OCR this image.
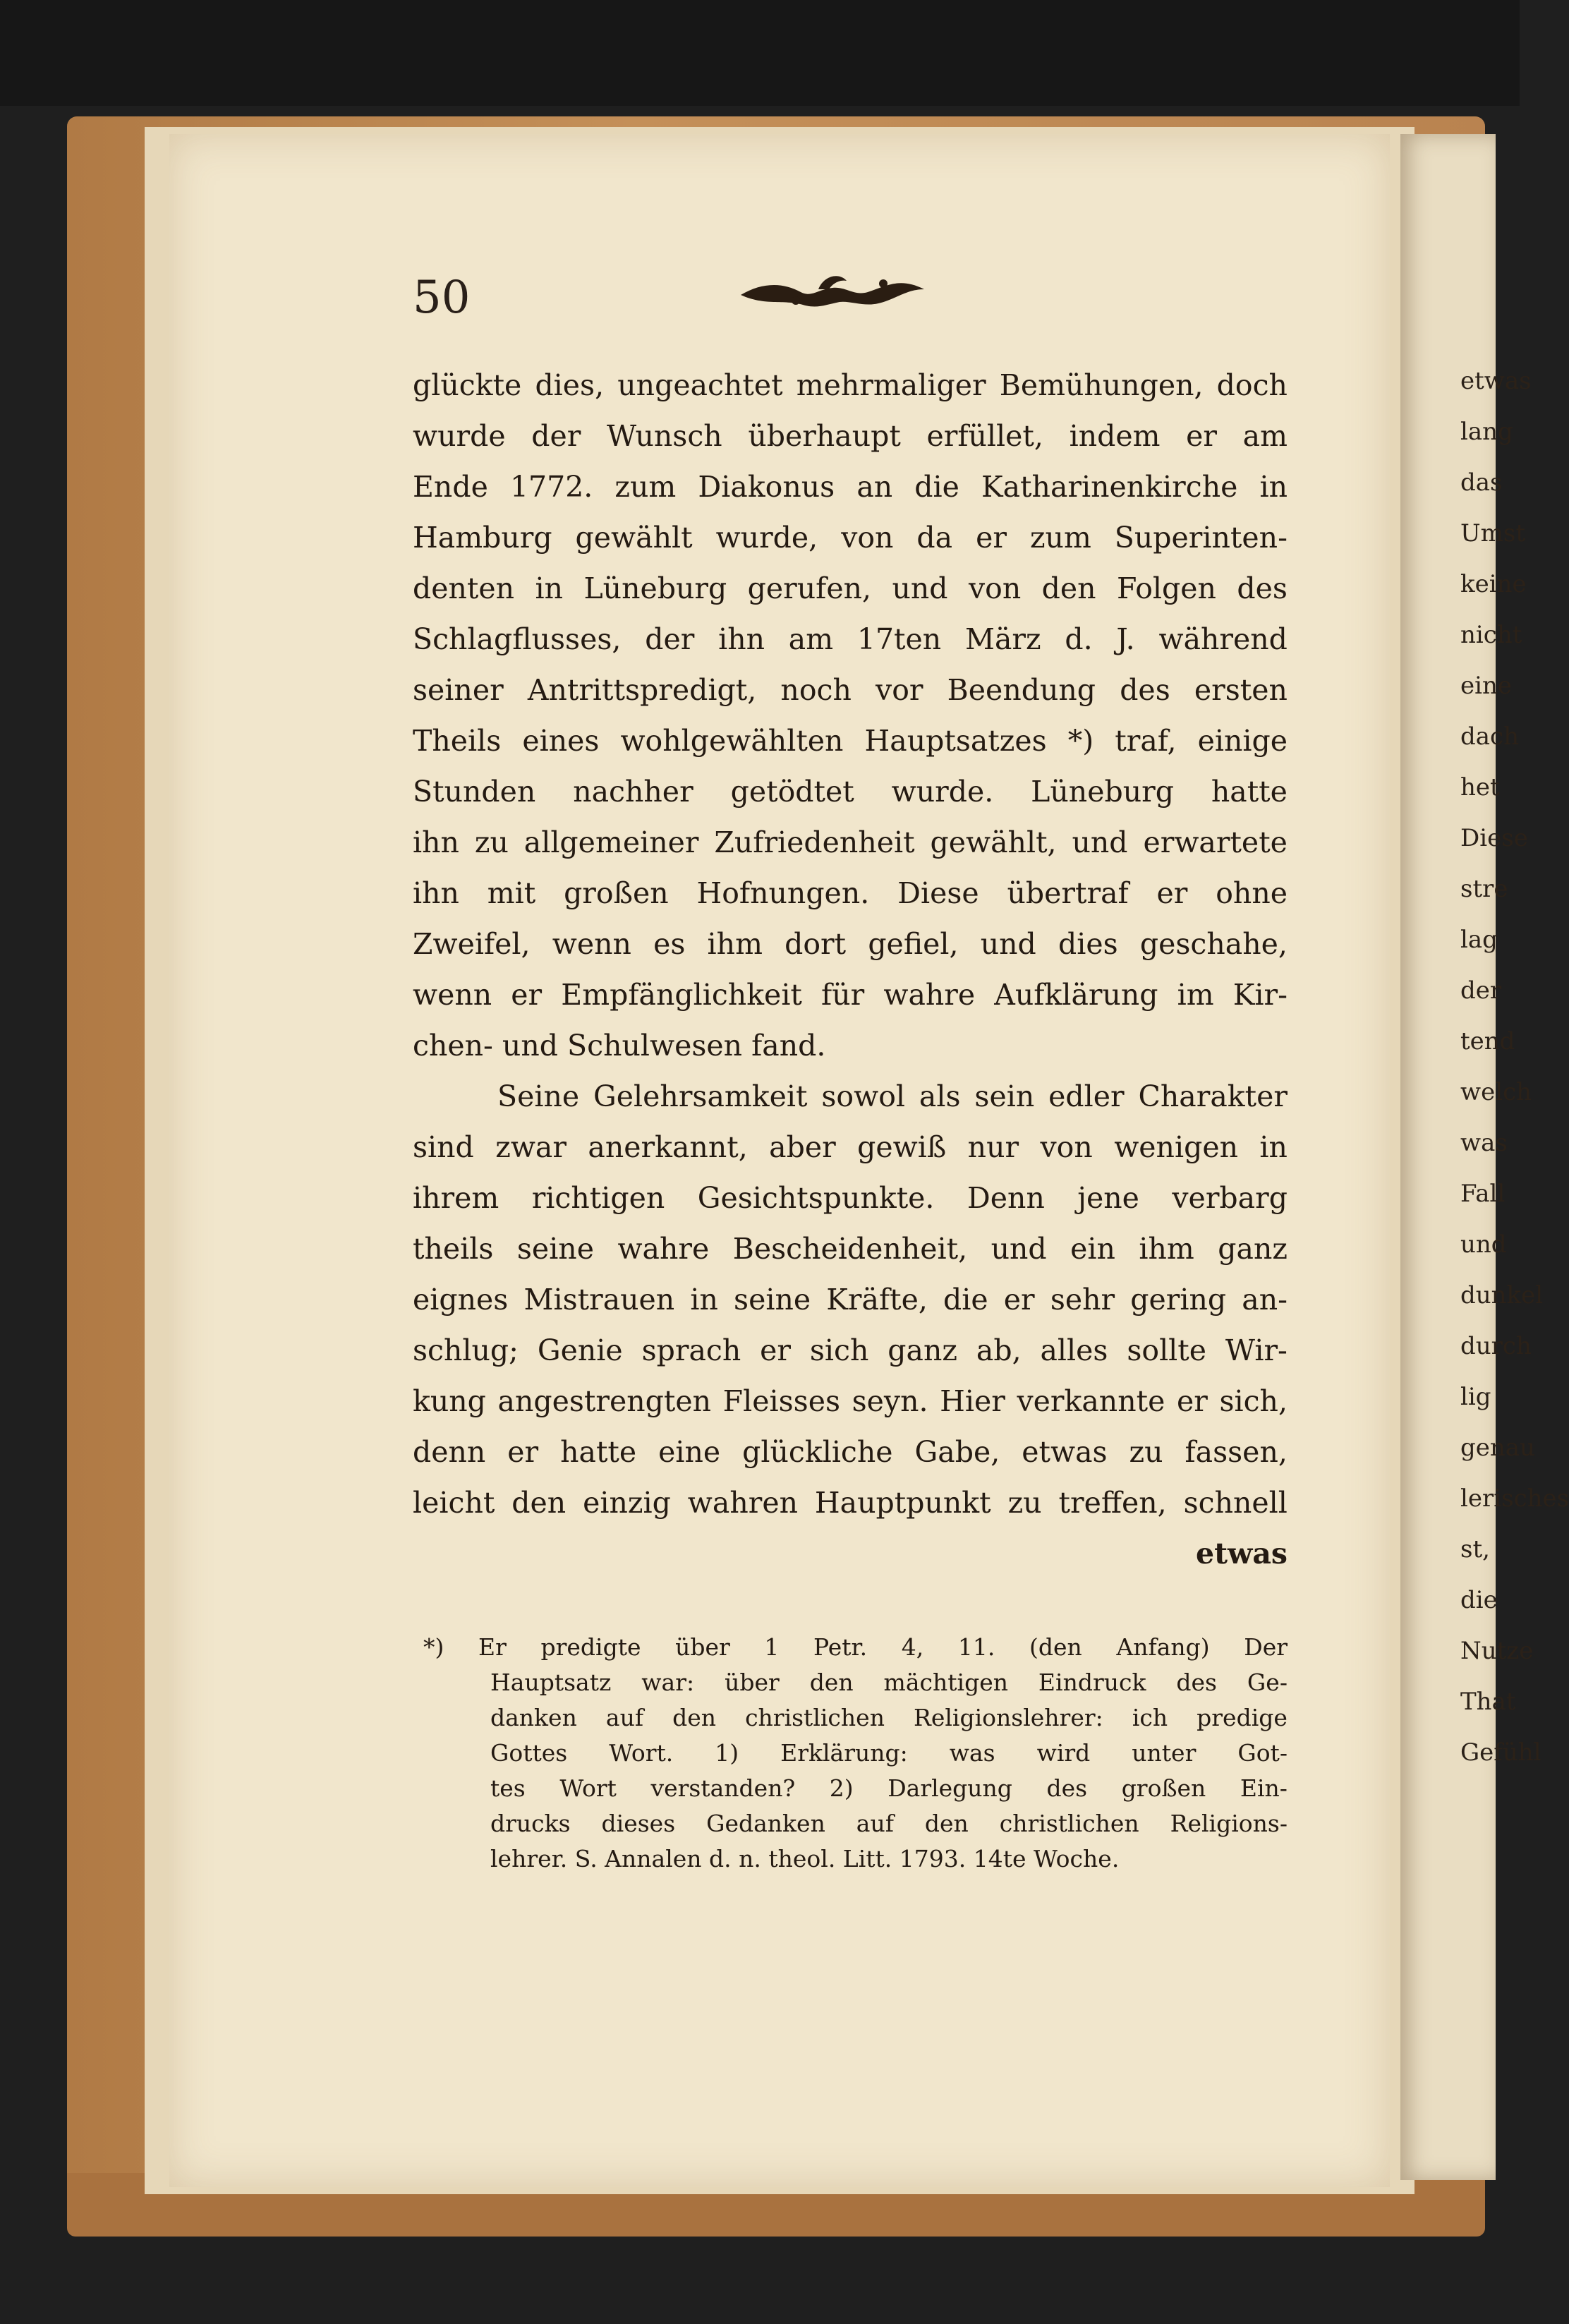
etwas
lang
das
Umst
keine
nicht
eine
dach
het
Diese
stre
lag
der
tend
welch
was
Fall
und
dunkel
durch
lig
genau
lerisches
st,
die
Nutze
That
Gefühl
50
glückte dies, ungeachtet mehrmaliger Bemühungen, doch
wurde der Wunsch überhaupt erfüllet, indem er am
Ende 1772. zum Diakonus an die Katharinenkirche in
Hamburg gewählt wurde, von da er zum Superinten-
denten in Lüneburg gerufen, und von den Folgen des
Schlagflusses, der ihn am 17ten März d. J. während
seiner Antrittspredigt, noch vor Beendung des ersten
Theils eines wohlgewählten Hauptsatzes *) traf, einige
Stunden nachher getödtet wurde. Lüneburg hatte
ihn zu allgemeiner Zufriedenheit gewählt, und erwartete
ihn mit großen Hofnungen. Diese übertraf er ohne
Zweifel, wenn es ihm dort gefiel, und dies geschahe,
wenn er Empfänglichkeit für wahre Aufklärung im Kir-
chen- und Schulwesen fand.
Seine Gelehrsamkeit sowol als sein edler Charakter
sind zwar anerkannt, aber gewiß nur von wenigen in
ihrem richtigen Gesichtspunkte. Denn jene verbarg
theils seine wahre Bescheidenheit, und ein ihm ganz
eignes Mistrauen in seine Kräfte, die er sehr gering an-
schlug; Genie sprach er sich ganz ab, alles sollte Wir-
kung angestrengten Fleisses seyn. Hier verkannte er sich,
denn er hatte eine glückliche Gabe, etwas zu fassen,
leicht den einzig wahren Hauptpunkt zu treffen, schnell
etwas
*) Er predigte über 1 Petr. 4, 11. (den Anfang) Der
Hauptsatz war: über den mächtigen Eindruck des Ge-
danken auf den christlichen Religionslehrer: ich predige
Gottes Wort. 1) Erklärung: was wird unter Got-
tes Wort verstanden? 2) Darlegung des großen Ein-
drucks dieses Gedanken auf den christlichen Religions-
lehrer. S. Annalen d. n. theol. Litt. 1793. 14te Woche.
